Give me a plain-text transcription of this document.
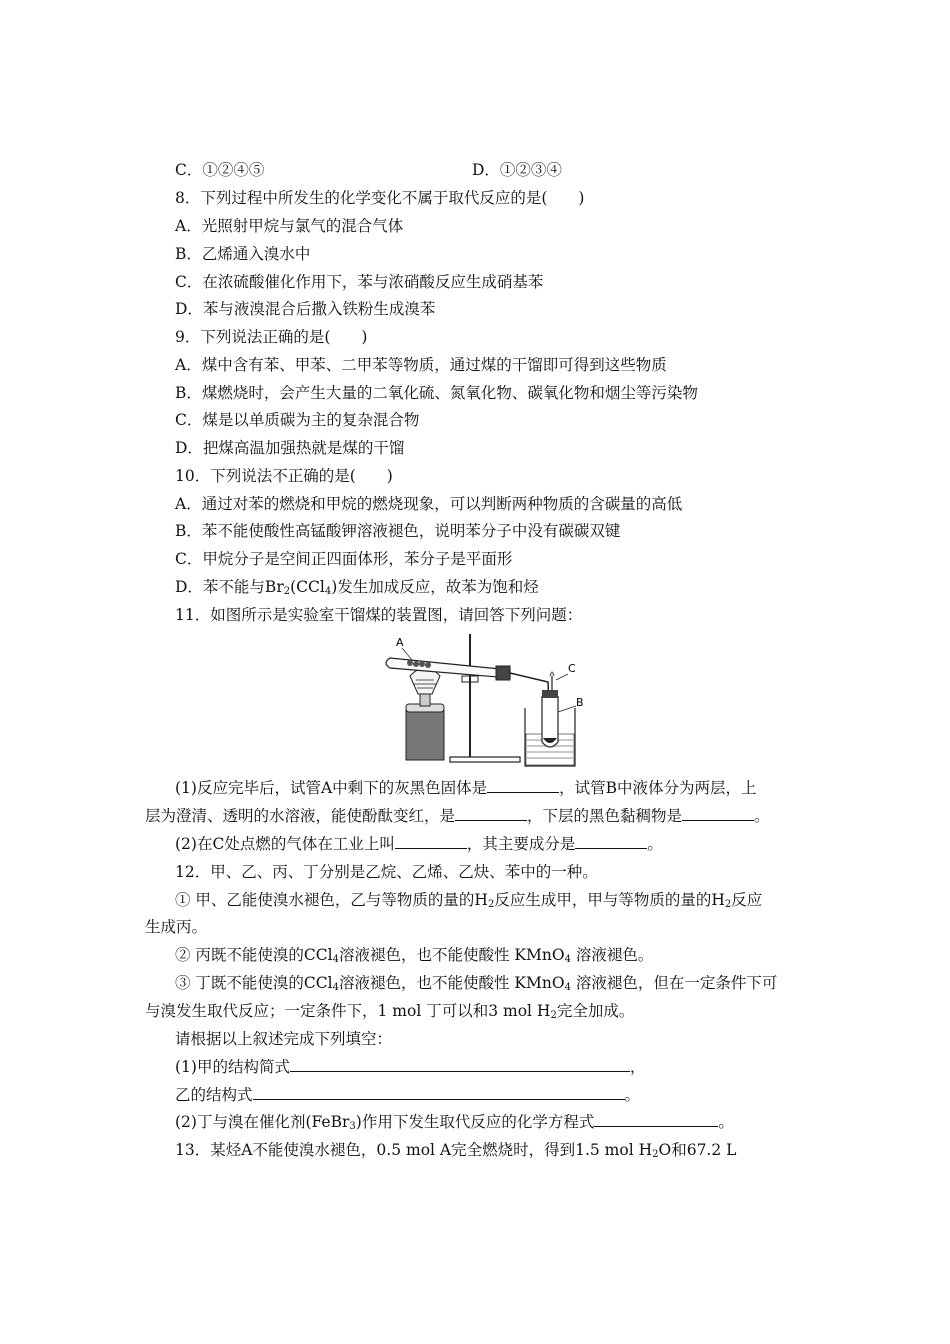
C．①②④⑤	D．①②③④
8．下列过程中所发生的化学变化不属于取代反应的是(　　)
A．光照射甲烷与氯气的混合气体
B．乙烯通入溴水中
C．在浓硫酸催化作用下，苯与浓硝酸反应生成硝基苯
D．苯与液溴混合后撒入铁粉生成溴苯
9．下列说法正确的是(　　)
A．煤中含有苯、甲苯、二甲苯等物质，通过煤的干馏即可得到这些物质
B．煤燃烧时，会产生大量的二氧化硫、氮氧化物、碳氧化物和烟尘等污染物
C．煤是以单质碳为主的复杂混合物
D．把煤高温加强热就是煤的干馏
10．下列说法不正确的是(　　)
A．通过对苯的燃烧和甲烷的燃烧现象，可以判断两种物质的含碳量的高低
B．苯不能使酸性高锰酸钾溶液褪色，说明苯分子中没有碳碳双键
C．甲烷分子是空间正四面体形，苯分子是平面形
D．苯不能与$Br_2(CCl_4)$发生加成反应，故苯为饱和烃
11．如图所示是实验室干馏煤的装置图，请回答下列问题：
A
C
B
(1)反应完毕后，试管A中剩下的灰黑色固体是	，试管B中液体分为两层，上
层为澄清、透明的水溶液，能使酚酞变红，是	，下层的黑色黏稠物是	。
(2)在C处点燃的气体在工业上叫	，其主要成分是	。
12．甲、乙、丙、丁分别是乙烷、乙烯、乙炔、苯中的一种。
① 甲、乙能使溴水褪色，乙与等物质的量的$H_2$反应生成甲，甲与等物质的量的$H_2$反应
生成丙。
② 丙既不能使溴的CCl$_4$溶液褪色，也不能使酸性 KMnO$_4$ 溶液褪色。
③ 丁既不能使溴的CCl$_4$溶液褪色，也不能使酸性 KMnO$_4$ 溶液褪色，但在一定条件下可
与溴发生取代反应；一定条件下，1 mol 丁可以和3 mol $H_2$完全加成。
请根据以上叙述完成下列填空：
(1)甲的结构简式	，
乙的结构式	。
(2)丁与溴在催化剂(FeBr$_3$)作用下发生取代反应的化学方程式	。
13．某烃A不能使溴水褪色，0.5 mol A完全燃烧时，得到1.5 mol $H_2O$和67.2 L
